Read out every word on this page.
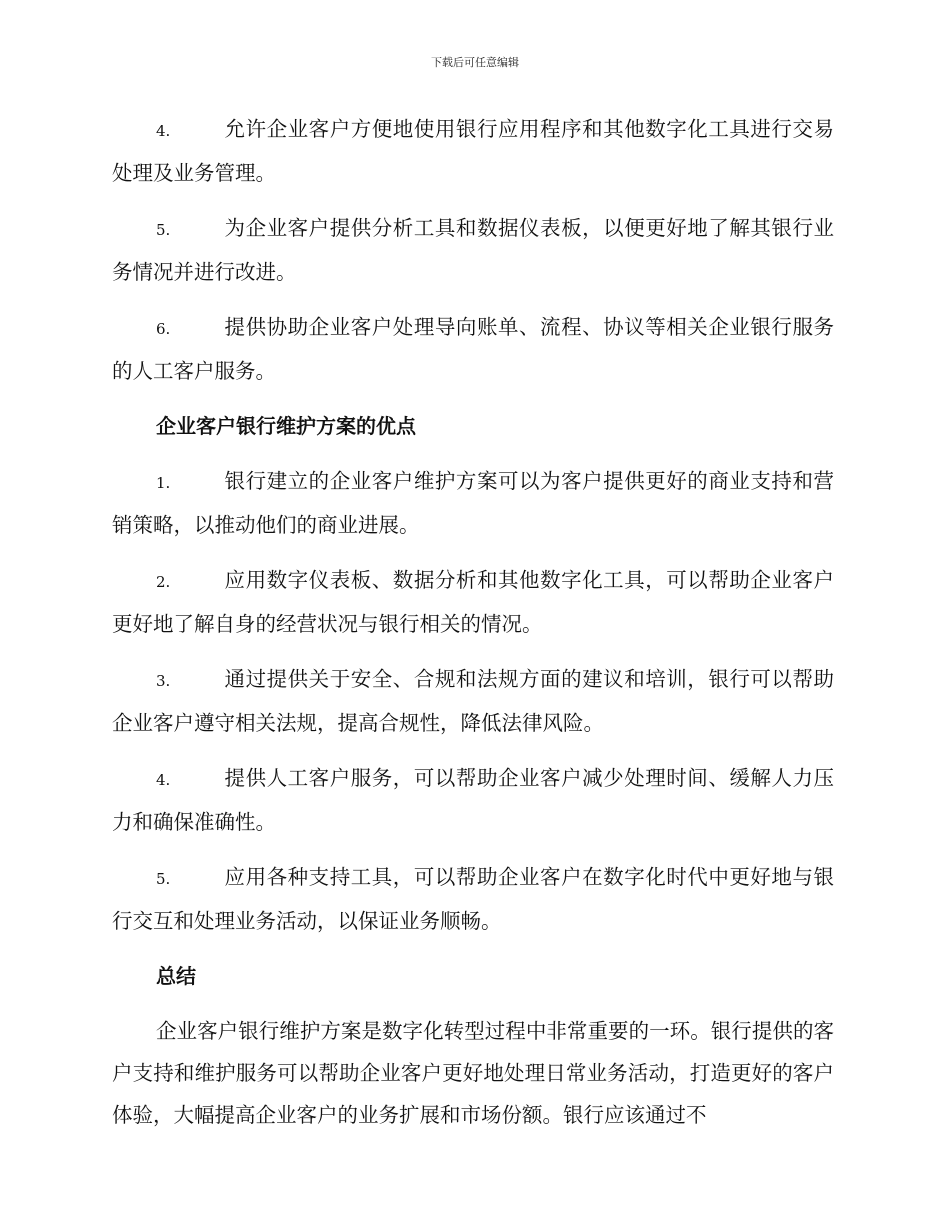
下载后可任意编辑

4.	允许企业客户方便地使用银行应用程序和其他数字化工具进行交易处理及业务管理。

5.	为企业客户提供分析工具和数据仪表板，以便更好地了解其银行业务情况并进行改进。

6.	提供协助企业客户处理导向账单、流程、协议等相关企业银行服务的人工客户服务。

企业客户银行维护方案的优点

1.	银行建立的企业客户维护方案可以为客户提供更好的商业支持和营销策略，以推动他们的商业进展。

2.	应用数字仪表板、数据分析和其他数字化工具，可以帮助企业客户更好地了解自身的经营状况与银行相关的情况。

3.	通过提供关于安全、合规和法规方面的建议和培训，银行可以帮助企业客户遵守相关法规，提高合规性，降低法律风险。

4.	提供人工客户服务，可以帮助企业客户减少处理时间、缓解人力压力和确保准确性。

5.	应用各种支持工具，可以帮助企业客户在数字化时代中更好地与银行交互和处理业务活动，以保证业务顺畅。

总结

企业客户银行维护方案是数字化转型过程中非常重要的一环。银行提供的客户支持和维护服务可以帮助企业客户更好地处理日常业务活动，打造更好的客户体验，大幅提高企业客户的业务扩展和市场份额。银行应该通过不
